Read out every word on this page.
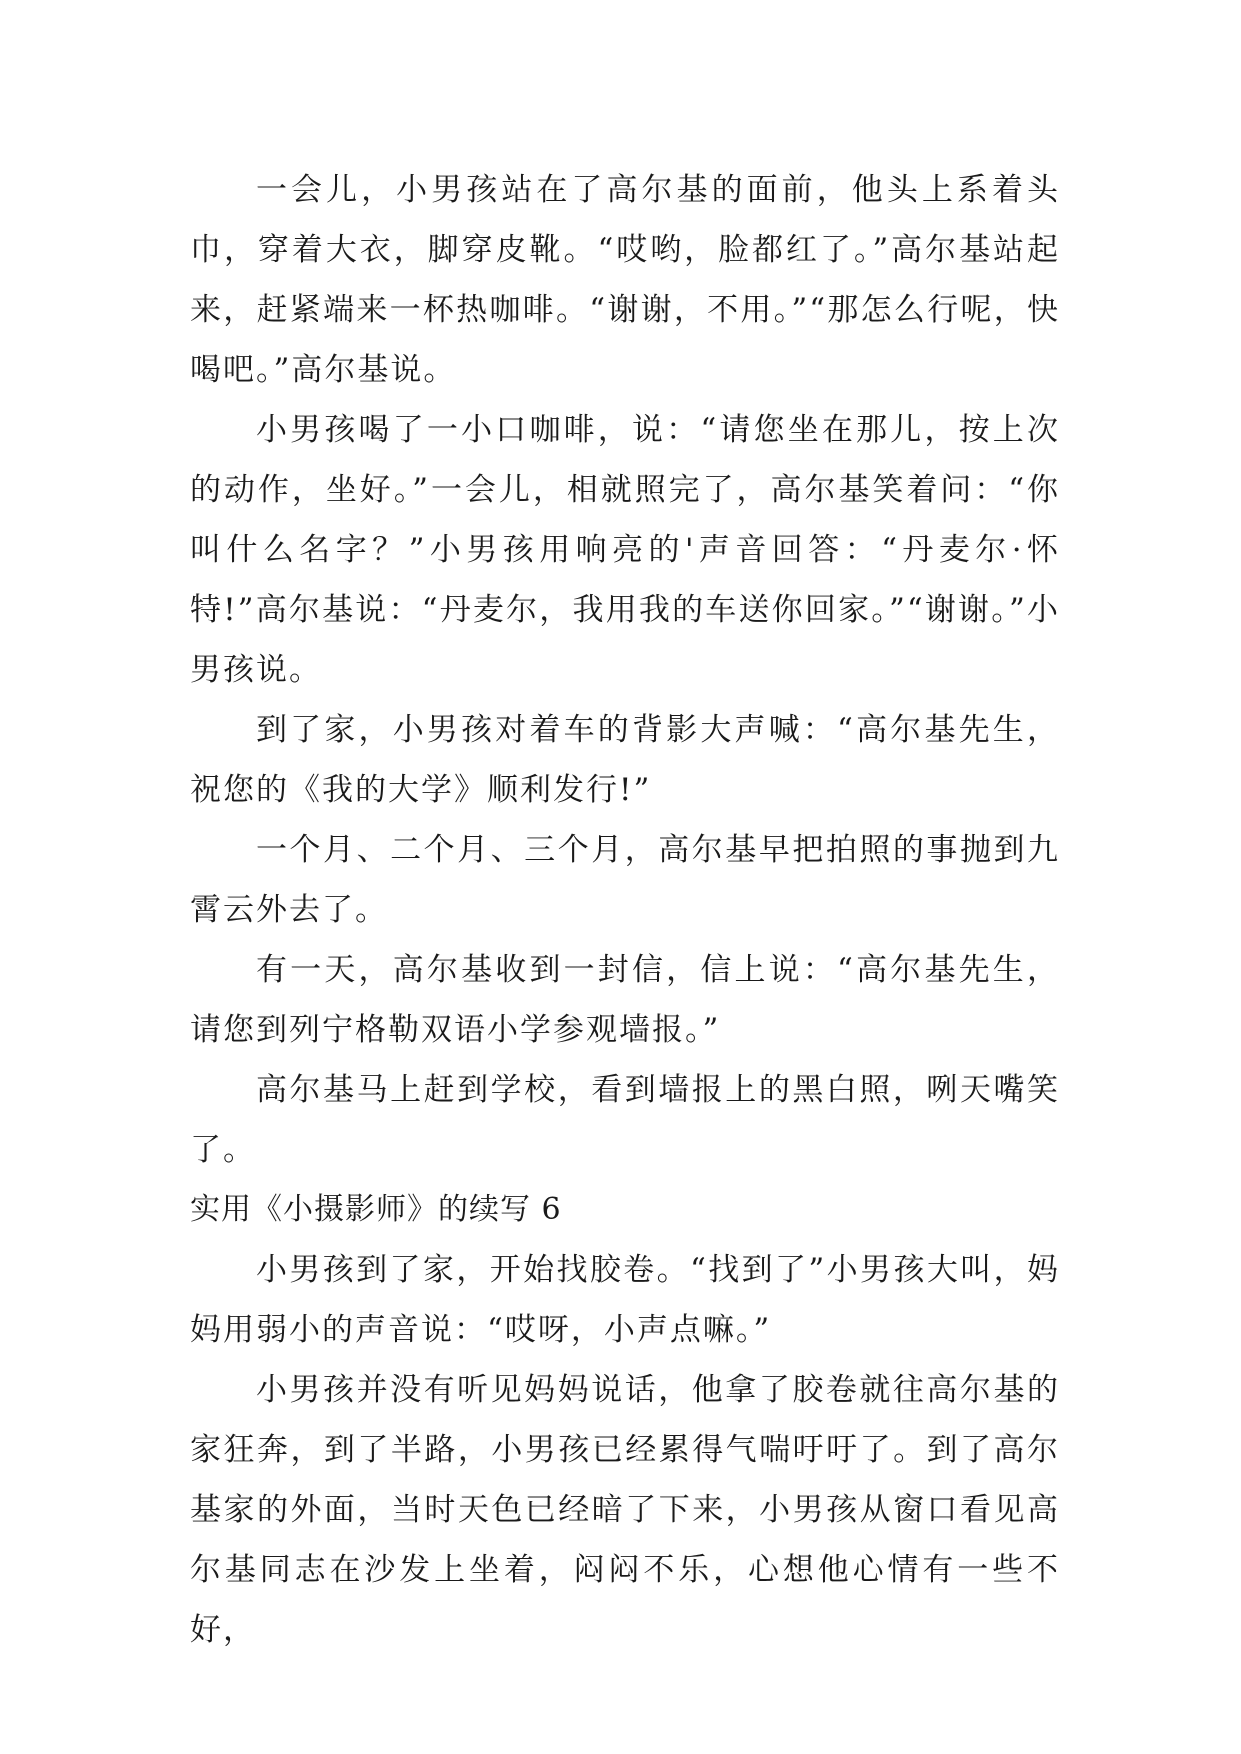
一会儿，小男孩站在了高尔基的面前，他头上系着头巾，穿着大衣，脚穿皮靴。“哎哟，脸都红了。”高尔基站起来，赶紧端来一杯热咖啡。“谢谢，不用。”“那怎么行呢，快喝吧。”高尔基说。

小男孩喝了一小口咖啡，说：“请您坐在那儿，按上次的动作，坐好。”一会儿，相就照完了，高尔基笑着问：“你叫什么名字？”小男孩用响亮的'声音回答：“丹麦尔·怀特!”高尔基说：“丹麦尔，我用我的车送你回家。”“谢谢。”小男孩说。

到了家，小男孩对着车的背影大声喊：“高尔基先生，祝您的《我的大学》顺利发行!”

一个月、二个月、三个月，高尔基早把拍照的事抛到九霄云外去了。

有一天，高尔基收到一封信，信上说：“高尔基先生，请您到列宁格勒双语小学参观墙报。”

高尔基马上赶到学校，看到墙报上的黑白照，咧天嘴笑了。

实用《小摄影师》的续写 6

小男孩到了家，开始找胶卷。“找到了”小男孩大叫，妈妈用弱小的声音说：“哎呀，小声点嘛。”

小男孩并没有听见妈妈说话，他拿了胶卷就往高尔基的家狂奔，到了半路，小男孩已经累得气喘吁吁了。到了高尔基家的外面，当时天色已经暗了下来，小男孩从窗口看见高尔基同志在沙发上坐着，闷闷不乐，心想他心情有一些不好，
